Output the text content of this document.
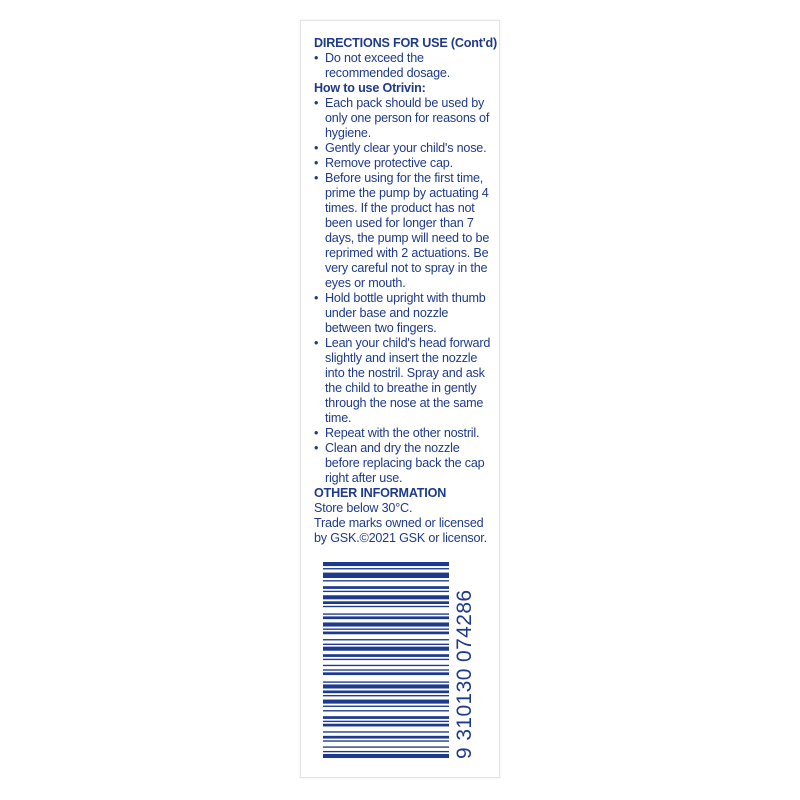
DIRECTIONS FOR USE (Cont'd)
• Do not exceed the recommended dosage.
How to use Otrivin:
• Each pack should be used by only one person for reasons of hygiene.
• Gently clear your child's nose.
• Remove protective cap.
• Before using for the first time, prime the pump by actuating 4 times. If the product has not been used for longer than 7 days, the pump will need to be reprimed with 2 actuations. Be very careful not to spray in the eyes or mouth.
• Hold bottle upright with thumb under base and nozzle between two fingers.
• Lean your child's head forward slightly and insert the nozzle into the nostril. Spray and ask the child to breathe in gently through the nose at the same time.
• Repeat with the other nostril.
• Clean and dry the nozzle before replacing back the cap right after use.
OTHER INFORMATION
Store below 30°C.
Trade marks owned or licensed by GSK.©2021 GSK or licensor.
9 310130 074286
